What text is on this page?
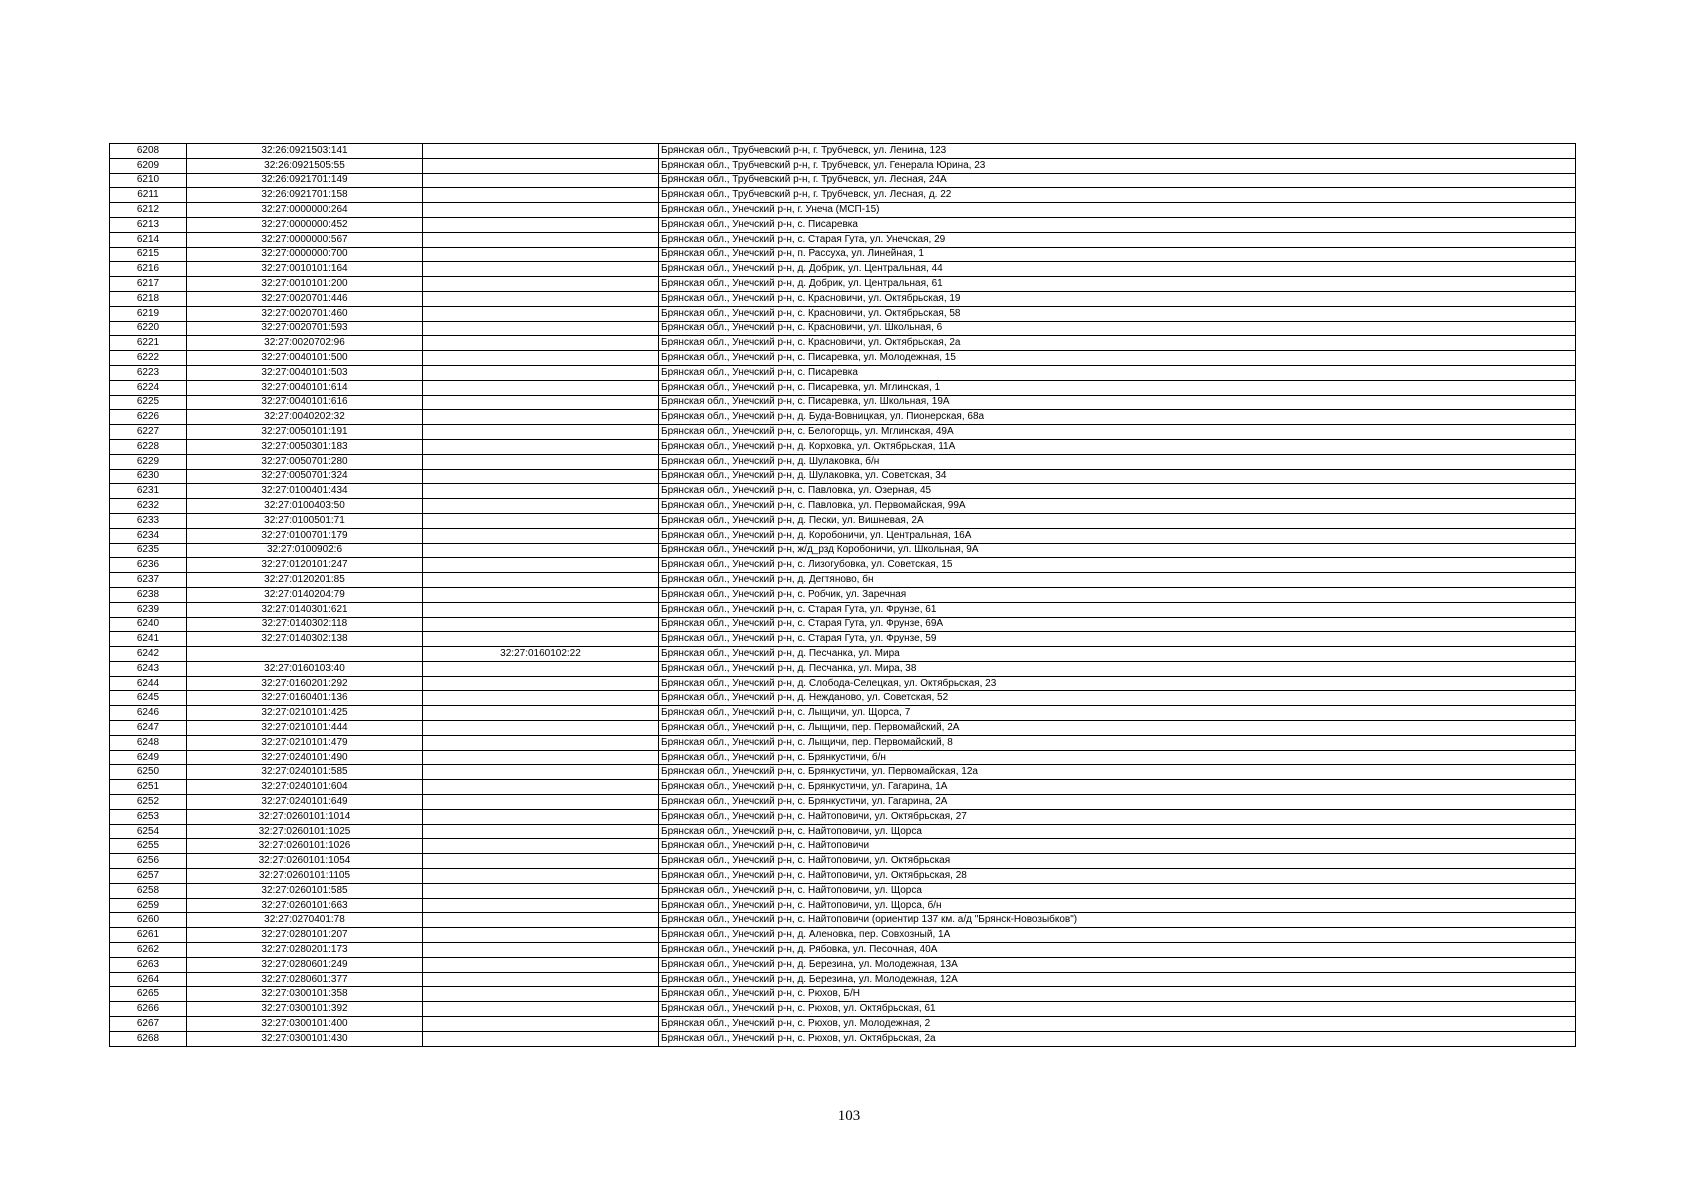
6208	32:26:0921503:141		Брянская обл., Трубчевский р-н, г. Трубчевск, ул. Ленина, 123
6209	32:26:0921505:55		Брянская обл., Трубчевский р-н, г. Трубчевск, ул. Генерала Юрина, 23
6210	32:26:0921701:149		Брянская обл., Трубчевский р-н, г. Трубчевск, ул. Лесная, 24А
6211	32:26:0921701:158		Брянская обл., Трубчевский р-н, г. Трубчевск, ул. Лесная, д. 22
6212	32:27:0000000:264		Брянская обл., Унечский р-н, г. Унеча (МСП-15)
6213	32:27:0000000:452		Брянская обл., Унечский р-н, с. Писаревка
6214	32:27:0000000:567		Брянская обл., Унечский р-н, с. Старая Гута, ул. Унечская, 29
6215	32:27:0000000:700		Брянская обл., Унечский р-н, п. Рассуха, ул. Линейная, 1
6216	32:27:0010101:164		Брянская обл., Унечский р-н, д. Добрик, ул. Центральная, 44
6217	32:27:0010101:200		Брянская обл., Унечский р-н, д. Добрик, ул. Центральная, 61
6218	32:27:0020701:446		Брянская обл., Унечский р-н, с. Красновичи, ул. Октябрьская, 19
6219	32:27:0020701:460		Брянская обл., Унечский р-н, с. Красновичи, ул. Октябрьская, 58
6220	32:27:0020701:593		Брянская обл., Унечский р-н, с. Красновичи, ул. Школьная, 6
6221	32:27:0020702:96		Брянская обл., Унечский р-н, с. Красновичи, ул. Октябрьская, 2а
6222	32:27:0040101:500		Брянская обл., Унечский р-н, с. Писаревка, ул. Молодежная, 15
6223	32:27:0040101:503		Брянская обл., Унечский р-н, с. Писаревка
6224	32:27:0040101:614		Брянская обл., Унечский р-н, с. Писаревка, ул. Мглинская, 1
6225	32:27:0040101:616		Брянская обл., Унечский р-н, с. Писаревка, ул. Школьная, 19А
6226	32:27:0040202:32		Брянская обл., Унечский р-н, д. Буда-Вовницкая, ул. Пионерская, 68а
6227	32:27:0050101:191		Брянская обл., Унечский р-н, с. Белогорщь, ул. Мглинская, 49А
6228	32:27:0050301:183		Брянская обл., Унечский р-н, д. Корховка, ул. Октябрьская, 11А
6229	32:27:0050701:280		Брянская обл., Унечский р-н, д. Шулаковка, б/н
6230	32:27:0050701:324		Брянская обл., Унечский р-н, д. Шулаковка, ул. Советская, 34
6231	32:27:0100401:434		Брянская обл., Унечский р-н, с. Павловка, ул. Озерная, 45
6232	32:27:0100403:50		Брянская обл., Унечский р-н, с. Павловка, ул. Первомайская, 99А
6233	32:27:0100501:71		Брянская обл., Унечский р-н, д. Пески, ул. Вишневая, 2А
6234	32:27:0100701:179		Брянская обл., Унечский р-н, д. Коробоничи, ул. Центральная, 16А
6235	32:27:0100902:6		Брянская обл., Унечский р-н, ж/д_рзд Коробоничи, ул. Школьная, 9А
6236	32:27:0120101:247		Брянская обл., Унечский р-н, с. Лизогубовка, ул. Советская, 15
6237	32:27:0120201:85		Брянская обл., Унечский р-н, д. Дегтяново, бн
6238	32:27:0140204:79		Брянская обл., Унечский р-н, с. Робчик, ул. Заречная
6239	32:27:0140301:621		Брянская обл., Унечский р-н, с. Старая Гута, ул. Фрунзе, 61
6240	32:27:0140302:118		Брянская обл., Унечский р-н, с. Старая Гута, ул. Фрунзе, 69А
6241	32:27:0140302:138		Брянская обл., Унечский р-н, с. Старая Гута, ул. Фрунзе, 59
6242		32:27:0160102:22	Брянская обл., Унечский р-н, д. Песчанка, ул. Мира
6243	32:27:0160103:40		Брянская обл., Унечский р-н, д. Песчанка, ул. Мира, 38
6244	32:27:0160201:292		Брянская обл., Унечский р-н, д. Слобода-Селецкая, ул. Октябрьская, 23
6245	32:27:0160401:136		Брянская обл., Унечский р-н, д. Нежданово, ул. Советская, 52
6246	32:27:0210101:425		Брянская обл., Унечский р-н, с. Лыщичи, ул. Щорса, 7
6247	32:27:0210101:444		Брянская обл., Унечский р-н, с. Лыщичи, пер. Первомайский, 2А
6248	32:27:0210101:479		Брянская обл., Унечский р-н, с. Лыщичи, пер. Первомайский, 8
6249	32:27:0240101:490		Брянская обл., Унечский р-н, с. Брянкустичи, б/н
6250	32:27:0240101:585		Брянская обл., Унечский р-н, с. Брянкустичи, ул. Первомайская, 12а
6251	32:27:0240101:604		Брянская обл., Унечский р-н, с. Брянкустичи, ул. Гагарина, 1А
6252	32:27:0240101:649		Брянская обл., Унечский р-н, с. Брянкустичи, ул. Гагарина, 2А
6253	32:27:0260101:1014		Брянская обл., Унечский р-н, с. Найтоповичи, ул. Октябрьская, 27
6254	32:27:0260101:1025		Брянская обл., Унечский р-н, с. Найтоповичи, ул. Щорса
6255	32:27:0260101:1026		Брянская обл., Унечский р-н, с. Найтоповичи
6256	32:27:0260101:1054		Брянская обл., Унечский р-н, с. Найтоповичи, ул. Октябрьская
6257	32:27:0260101:1105		Брянская обл., Унечский р-н, с. Найтоповичи, ул. Октябрьская, 28
6258	32:27:0260101:585		Брянская обл., Унечский р-н, с. Найтоповичи, ул. Щорса
6259	32:27:0260101:663		Брянская обл., Унечский р-н, с. Найтоповичи, ул. Щорса, б/н
6260	32:27:0270401:78		Брянская обл., Унечский р-н, с. Найтоповичи (ориентир 137 км. а/д "Брянск-Новозыбков")
6261	32:27:0280101:207		Брянская обл., Унечский р-н, д. Аленовка, пер. Совхозный, 1А
6262	32:27:0280201:173		Брянская обл., Унечский р-н, д. Рябовка, ул. Песочная, 40А
6263	32:27:0280601:249		Брянская обл., Унечский р-н, д. Березина, ул. Молодежная, 13А
6264	32:27:0280601:377		Брянская обл., Унечский р-н, д. Березина, ул. Молодежная, 12А
6265	32:27:0300101:358		Брянская обл., Унечский р-н, с. Рюхов, Б/Н
6266	32:27:0300101:392		Брянская обл., Унечский р-н, с. Рюхов, ул. Октябрьская, 61
6267	32:27:0300101:400		Брянская обл., Унечский р-н, с. Рюхов, ул. Молодежная, 2
6268	32:27:0300101:430		Брянская обл., Унечский р-н, с. Рюхов, ул. Октябрьская, 2а
103
